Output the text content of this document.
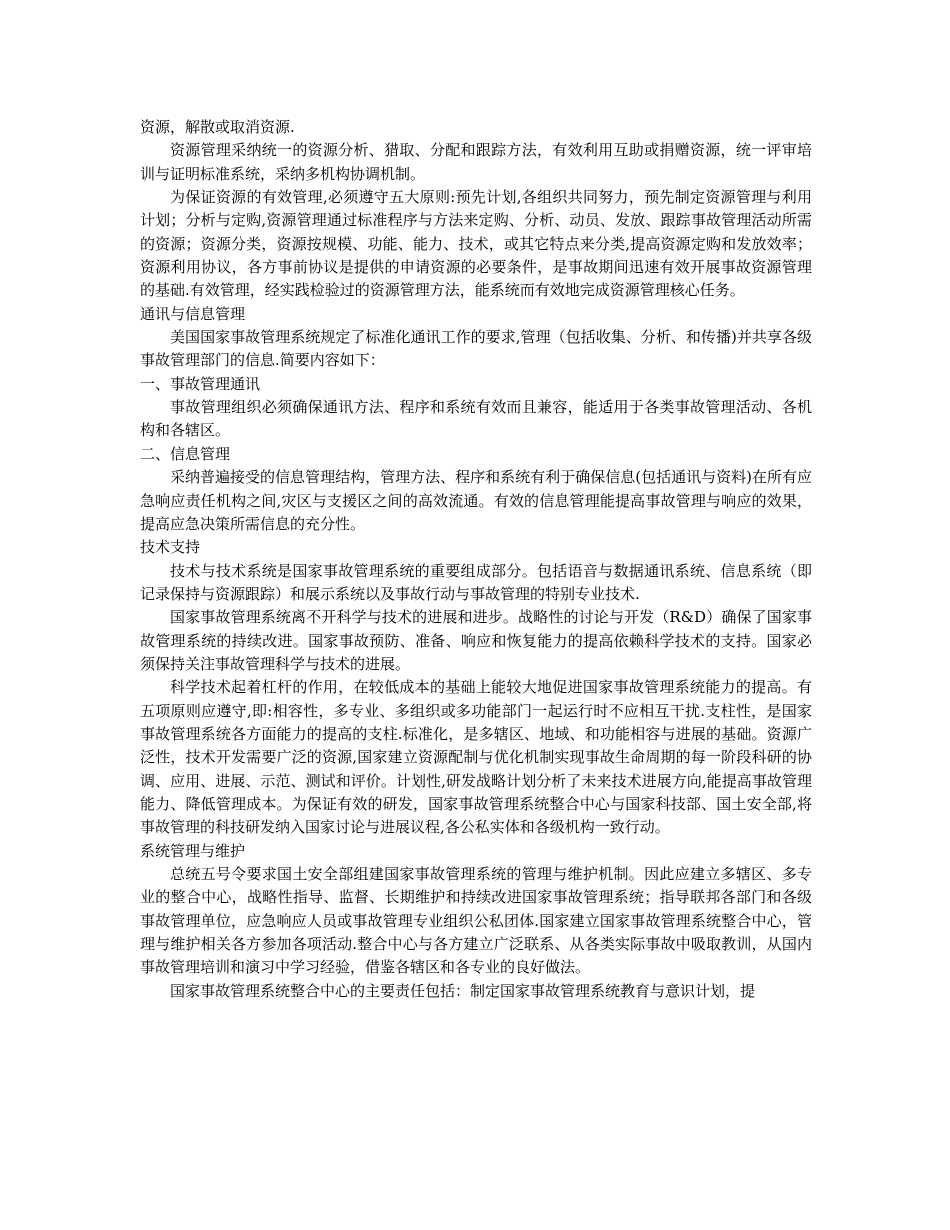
资源，解散或取消资源.

资源管理采纳统一的资源分析、猎取、分配和跟踪方法，有效利用互助或捐赠资源，统一评审培训与证明标准系统，采纳多机构协调机制。

为保证资源的有效管理,必须遵守五大原则:预先计划,各组织共同努力，预先制定资源管理与利用计划；分析与定购,资源管理通过标准程序与方法来定购、分析、动员、发放、跟踪事故管理活动所需的资源；资源分类，资源按规模、功能、能力、技术，或其它特点来分类,提高资源定购和发放效率；资源利用协议，各方事前协议是提供的申请资源的必要条件，是事故期间迅速有效开展事故资源管理的基础.有效管理，经实践检验过的资源管理方法，能系统而有效地完成资源管理核心任务。

通讯与信息管理

美国国家事故管理系统规定了标准化通讯工作的要求,管理（包括收集、分析、和传播)并共享各级事故管理部门的信息.简要内容如下：

一、事故管理通讯

事故管理组织必须确保通讯方法、程序和系统有效而且兼容，能适用于各类事故管理活动、各机构和各辖区。

二、信息管理

采纳普遍接受的信息管理结构，管理方法、程序和系统有利于确保信息(包括通讯与资料)在所有应急响应责任机构之间,灾区与支援区之间的高效流通。有效的信息管理能提高事故管理与响应的效果，提高应急决策所需信息的充分性。

技术支持

技术与技术系统是国家事故管理系统的重要组成部分。包括语音与数据通讯系统、信息系统（即记录保持与资源跟踪）和展示系统以及事故行动与事故管理的特别专业技术.

国家事故管理系统离不开科学与技术的进展和进步。战略性的讨论与开发（R&D）确保了国家事故管理系统的持续改进。国家事故预防、准备、响应和恢复能力的提高依赖科学技术的支持。国家必须保持关注事故管理科学与技术的进展。

科学技术起着杠杆的作用，在较低成本的基础上能较大地促进国家事故管理系统能力的提高。有五项原则应遵守,即:相容性，多专业、多组织或多功能部门一起运行时不应相互干扰.支柱性，是国家事故管理系统各方面能力的提高的支柱.标准化，是多辖区、地域、和功能相容与进展的基础。资源广泛性，技术开发需要广泛的资源,国家建立资源配制与优化机制实现事故生命周期的每一阶段科研的协调、应用、进展、示范、测试和评价。计划性,研发战略计划分析了未来技术进展方向,能提高事故管理能力、降低管理成本。为保证有效的研发，国家事故管理系统整合中心与国家科技部、国土安全部,将事故管理的科技研发纳入国家讨论与进展议程,各公私实体和各级机构一致行动。

系统管理与维护

总统五号令要求国土安全部组建国家事故管理系统的管理与维护机制。因此应建立多辖区、多专业的整合中心，战略性指导、监督、长期维护和持续改进国家事故管理系统；指导联邦各部门和各级事故管理单位，应急响应人员或事故管理专业组织公私团体.国家建立国家事故管理系统整合中心，管理与维护相关各方参加各项活动.整合中心与各方建立广泛联系、从各类实际事故中吸取教训，从国内事故管理培训和演习中学习经验，借鉴各辖区和各专业的良好做法。

国家事故管理系统整合中心的主要责任包括：制定国家事故管理系统教育与意识计划，提
